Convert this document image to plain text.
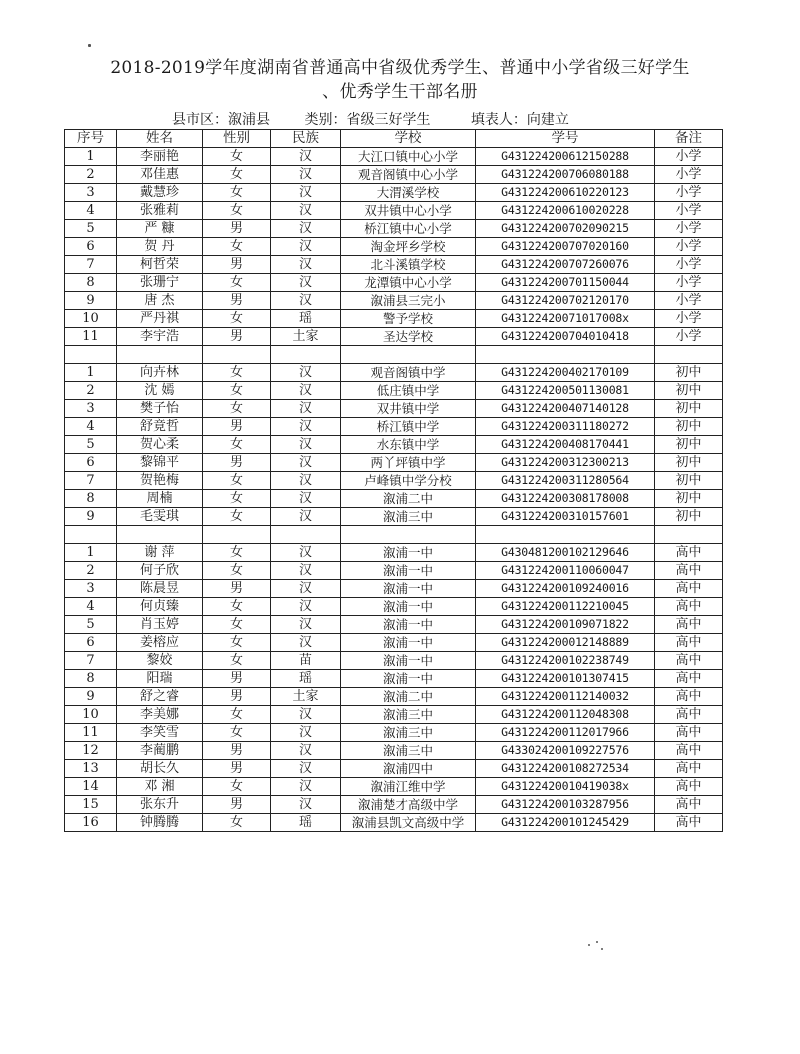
2018-2019学年度湖南省普通高中省级优秀学生、普通中小学省级三好学生
、优秀学生干部名册
县市区：溆浦县 类别：省级三好学生	填表人：向建立
序号	姓名	性别	民族	学校	学号	备注
1	李丽艳	女	汉	大江口镇中心小学	G431224200612150288	小学
2	邓佳惠	女	汉	观音阁镇中心小学	G431224200706080188	小学
3	戴慧珍	女	汉	大渭溪学校	G431224200610220123	小学
4	张雅莉	女	汉	双井镇中心小学	G431224200610020228	小学
5	严 糠	男	汉	桥江镇中心小学	G431224200702090215	小学
6	贺 丹	女	汉	淘金坪乡学校	G431224200707020160	小学
7	柯哲荣	男	汉	北斗溪镇学校	G431224200707260076	小学
8	张珊宁	女	汉	龙潭镇中心小学	G431224200701150044	小学
9	唐 杰	男	汉	溆浦县三完小	G431224200702120170	小学
10	严丹祺	女	瑶	警予学校	G43122420071017008x	小学
11	李宇浩	男	土家	圣达学校	G431224200704010418	小学

1	向卉林	女	汉	观音阁镇中学	G431224200402170109	初中
2	沈 嫣	女	汉	低庄镇中学	G431224200501130081	初中
3	樊子怡	女	汉	双井镇中学	G431224200407140128	初中
4	舒竟哲	男	汉	桥江镇中学	G431224200311180272	初中
5	贺心柔	女	汉	水东镇中学	G431224200408170441	初中
6	黎锦平	男	汉	两丫坪镇中学	G431224200312300213	初中
7	贺艳梅	女	汉	卢峰镇中学分校	G431224200311280564	初中
8	周楠	女	汉	溆浦二中	G431224200308178008	初中
9	毛雯琪	女	汉	溆浦三中	G431224200310157601	初中

1	谢 萍	女	汉	溆浦一中	G430481200102129646	高中
2	何子欣	女	汉	溆浦一中	G431224200110060047	高中
3	陈晨昱	男	汉	溆浦一中	G431224200109240016	高中
4	何贞臻	女	汉	溆浦一中	G431224200112210045	高中
5	肖玉婷	女	汉	溆浦一中	G431224200109071822	高中
6	姜榕应	女	汉	溆浦一中	G431224200012148889	高中
7	黎姣	女	苗	溆浦一中	G431224200102238749	高中
8	阳瑞	男	瑶	溆浦一中	G431224200101307415	高中
9	舒之睿	男	土家	溆浦二中	G431224200112140032	高中
10	李美娜	女	汉	溆浦三中	G431224200112048308	高中
11	李笑雪	女	汉	溆浦三中	G431224200112017966	高中
12	李蔺鹏	男	汉	溆浦三中	G433024200109227576	高中
13	胡长久	男	汉	溆浦四中	G431224200108272534	高中
14	邓 湘	女	汉	溆浦江维中学	G43122420010419038x	高中
15	张东升	男	汉	溆浦楚才高级中学	G431224200103287956	高中
16	钟腾腾	女	瑶	溆浦县凯文高级中学	G431224200101245429	高中
